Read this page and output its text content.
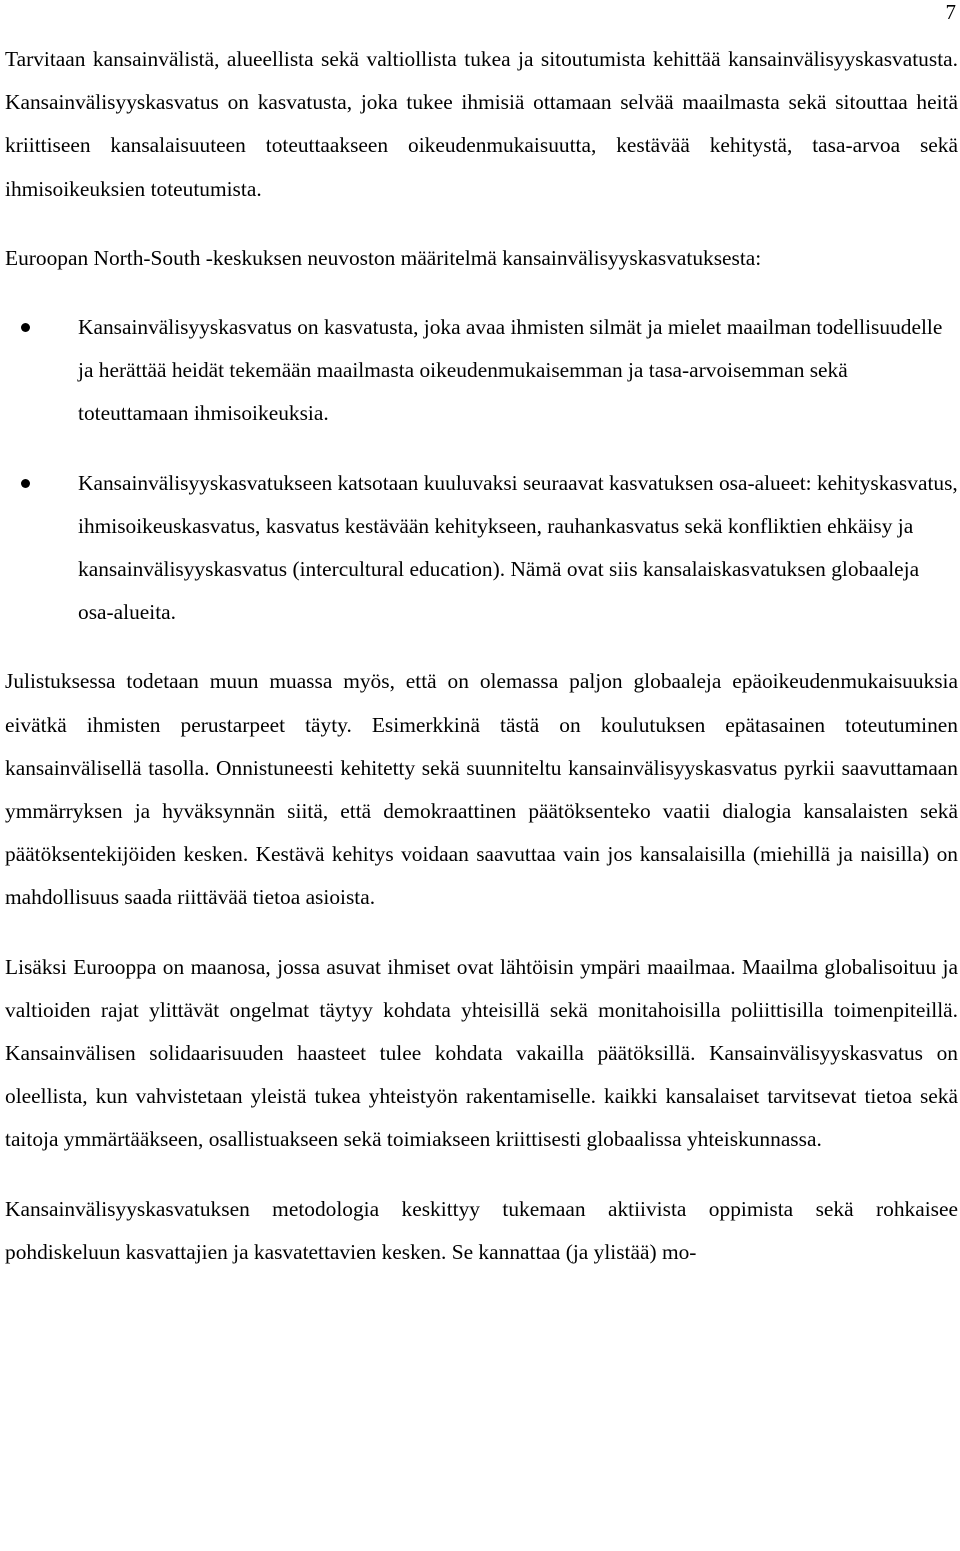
7

Tarvitaan kansainvälistä, alueellista sekä valtiollista tukea ja sitoutumista kehittää kansainvälisyyskasvatusta. Kansainvälisyyskasvatus on kasvatusta, joka tukee ihmisiä ottamaan selvää maailmasta sekä sitouttaa heitä kriittiseen kansalaisuuteen toteuttaakseen oikeudenmukaisuutta, kestävää kehitystä, tasa-arvoa sekä ihmisoikeuksien toteutumista.

Euroopan North-South -keskuksen neuvoston määritelmä kansainvälisyyskasvatuksesta:

Kansainvälisyyskasvatus on kasvatusta, joka avaa ihmisten silmät ja mielet maailman todellisuudelle ja herättää heidät tekemään maailmasta oikeudenmukaisemman ja tasa-arvoisemman sekä toteuttamaan ihmisoikeuksia.
Kansainvälisyyskasvatukseen katsotaan kuuluvaksi seuraavat kasvatuksen osa-alueet: kehityskasvatus, ihmisoikeuskasvatus, kasvatus kestävään kehitykseen, rauhankasvatus sekä konfliktien ehkäisy ja kansainvälisyyskasvatus (intercultural education). Nämä ovat siis kansalaiskasvatuksen globaaleja osa-alueita.

Julistuksessa todetaan muun muassa myös, että on olemassa paljon globaaleja epäoikeudenmukaisuuksia eivätkä ihmisten perustarpeet täyty. Esimerkkinä tästä on koulutuksen epätasainen toteutuminen kansainvälisellä tasolla. Onnistuneesti kehitetty sekä suunniteltu kansainvälisyyskasvatus pyrkii saavuttamaan ymmärryksen ja hyväksynnän siitä, että demokraattinen päätöksenteko vaatii dialogia kansalaisten sekä päätöksentekijöiden kesken. Kestävä kehitys voidaan saavuttaa vain jos kansalaisilla (miehillä ja naisilla) on mahdollisuus saada riittävää tietoa asioista.

Lisäksi Eurooppa on maanosa, jossa asuvat ihmiset ovat lähtöisin ympäri maailmaa. Maailma globalisoituu ja valtioiden rajat ylittävät ongelmat täytyy kohdata yhteisillä sekä monitahoisilla poliittisilla toimenpiteillä. Kansainvälisen solidaarisuuden haasteet tulee kohdata vakailla päätöksillä. Kansainvälisyyskasvatus on oleellista, kun vahvistetaan yleistä tukea yhteistyön rakentamiselle. kaikki kansalaiset tarvitsevat tietoa sekä taitoja ymmärtääkseen, osallistuakseen sekä toimiakseen kriittisesti globaalissa yhteiskunnassa.

Kansainvälisyyskasvatuksen metodologia keskittyy tukemaan aktiivista oppimista sekä rohkaisee pohdiskeluun kasvattajien ja kasvatettavien kesken. Se kannattaa (ja ylistää) mo-
